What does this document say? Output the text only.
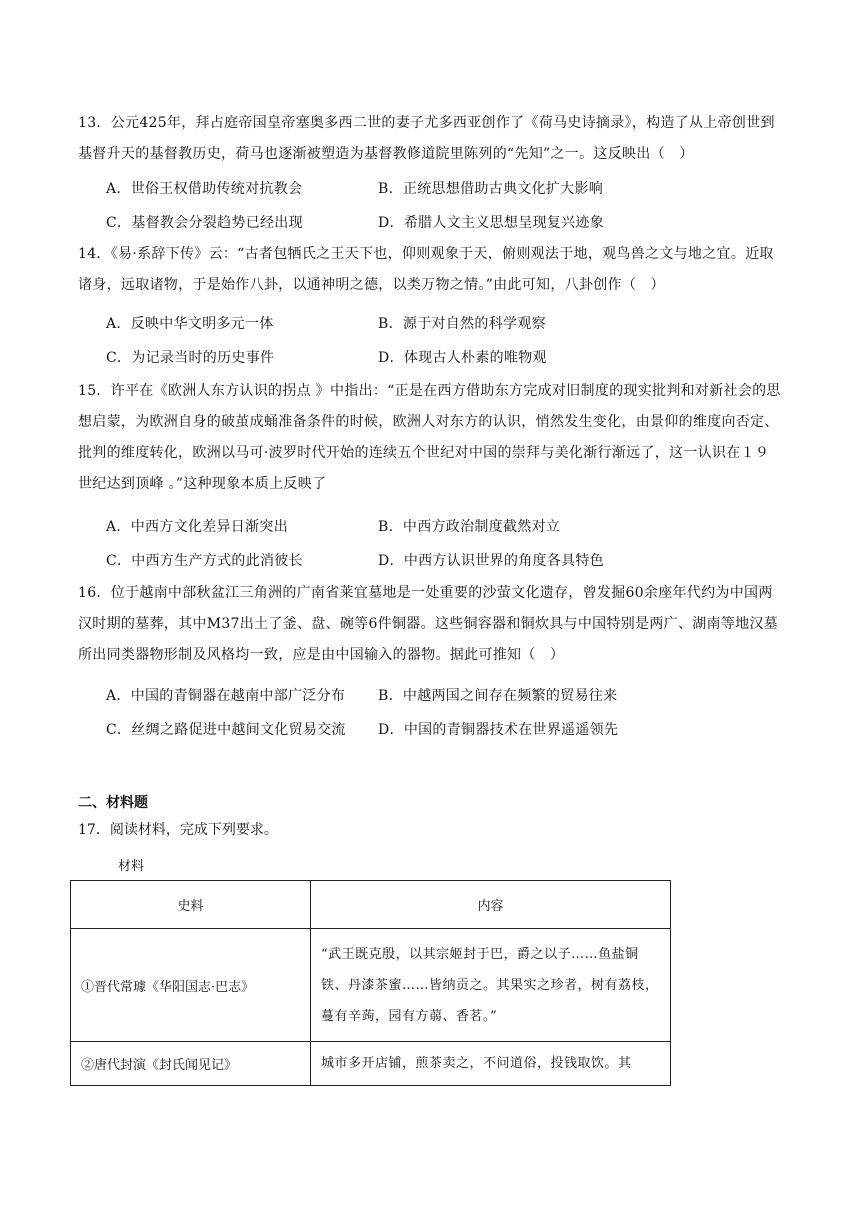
13．公元425年，拜占庭帝国皇帝塞奥多西二世的妻子尤多西亚创作了《荷马史诗摘录》，构造了从上帝创世到基督升天的基督教历史，荷马也逐渐被塑造为基督教修道院里陈列的“先知”之一。这反映出（　）
A．世俗王权借助传统对抗教会	B．正统思想借助古典文化扩大影响
C．基督教会分裂趋势已经出现	D．希腊人文主义思想呈现复兴迹象
14．《易·系辞下传》云：“古者包牺氏之王天下也，仰则观象于天，俯则观法于地，观鸟兽之文与地之宜。近取诸身，远取诸物，于是始作八卦，以通神明之德，以类万物之情。”由此可知，八卦创作（　）
A．反映中华文明多元一体	B．源于对自然的科学观察
C．为记录当时的历史事件	D．体现古人朴素的唯物观
15．许平在《欧洲人东方认识的拐点 》中指出：“正是在西方借助东方完成对旧制度的现实批判和对新社会的思想启蒙，为欧洲自身的破茧成蛹准备条件的时候，欧洲人对东方的认识，悄然发生变化，由景仰的维度向否定、批判的维度转化，欧洲以马可·波罗时代开始的连续五个世纪对中国的崇拜与美化渐行渐远了，这一认识在１９ 世纪达到顶峰 。”这种现象本质上反映了
A．中西方文化差异日渐突出	B．中西方政治制度截然对立
C．中西方生产方式的此消彼长	D．中西方认识世界的角度各具特色
16．位于越南中部秋盆江三角洲的广南省莱宜墓地是一处重要的沙萤文化遗存，曾发掘60余座年代约为中国两汉时期的墓葬，其中M37出土了釜、盘、碗等6件铜器。这些铜容器和铜炊具与中国特别是两广、湖南等地汉墓所出同类器物形制及风格均一致，应是由中国输入的器物。据此可推知（　）
A．中国的青铜器在越南中部广泛分布 B．中越两国之间存在频繁的贸易往来
C．丝绸之路促进中越间文化贸易交流 D．中国的青铜器技术在世界遥遥领先
二、材料题
17．阅读材料，完成下列要求。
材料
史料	内容
①晋代常璩《华阳国志·巴志》	“武王既克殷，以其宗姬封于巴，爵之以子……鱼盐铜铁、丹漆茶蜜……皆纳贡之。其果实之珍者，树有荔枝，蔓有辛蒟，园有方蒻、香茗。”
②唐代封演《封氏闻见记》	城市多开店铺，煎茶卖之，不问道俗，投钱取饮。其
